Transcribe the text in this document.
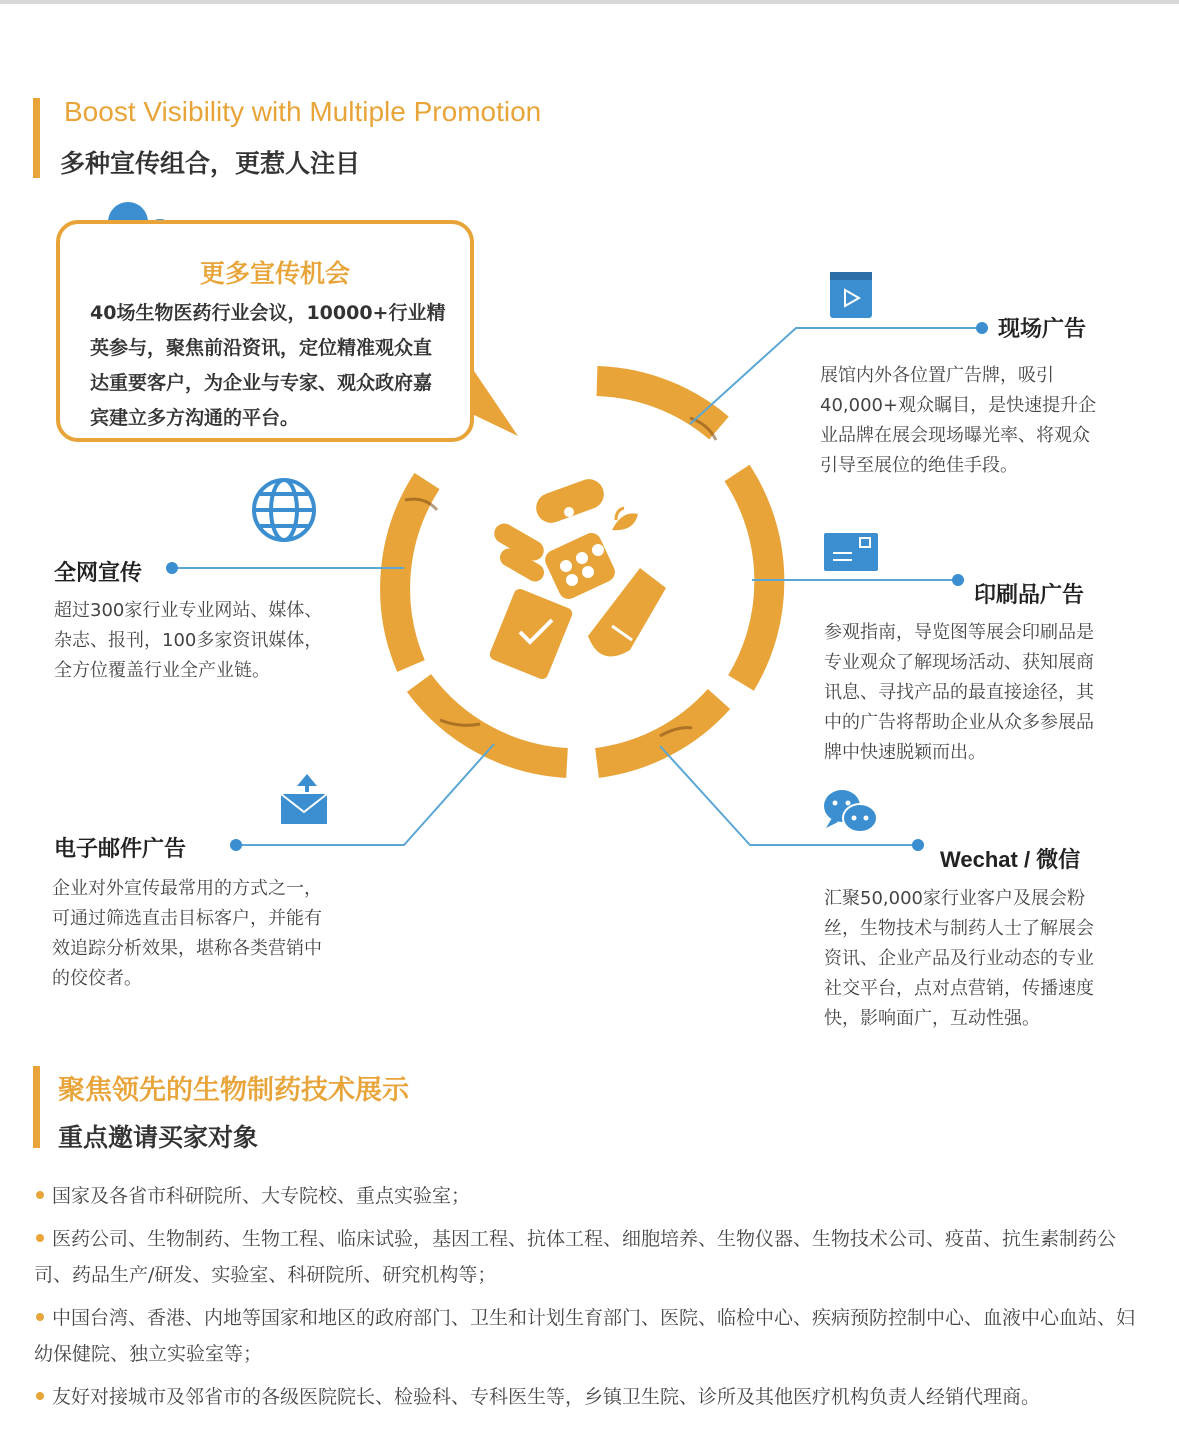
Boost Visibility with Multiple Promotion
多种宣传组合，更惹人注目
更多宣传机会
40场生物医药行业会议，10000+行业精英参与，聚焦前沿资讯，定位精准观众直达重要客户，为企业与专家、观众政府嘉宾建立多方沟通的平台。
现场广告
展馆内外各位置广告牌，吸引40,000+观众瞩目，是快速提升企业品牌在展会现场曝光率、将观众引导至展位的绝佳手段。
全网宣传
超过300家行业专业网站、媒体、杂志、报刊，100多家资讯媒体，全方位覆盖行业全产业链。
印刷品广告
参观指南，导览图等展会印刷品是专业观众了解现场活动、获知展商讯息、寻找产品的最直接途径，其中的广告将帮助企业从众多参展品牌中快速脱颖而出。
电子邮件广告
企业对外宣传最常用的方式之一，可通过筛选直击目标客户，并能有效追踪分析效果，堪称各类营销中的佼佼者。
Wechat / 微信
汇聚50,000家行业客户及展会粉丝，生物技术与制药人士了解展会资讯、企业产品及行业动态的专业社交平台，点对点营销，传播速度快，影响面广，互动性强。
聚焦领先的生物制药技术展示
重点邀请买家对象
国家及各省市科研院所、大专院校、重点实验室；
医药公司、生物制药、生物工程、临床试验，基因工程、抗体工程、细胞培养、生物仪器、生物技术公司、疫苗、抗生素制药公司、药品生产/研发、实验室、科研院所、研究机构等；
中国台湾、香港、内地等国家和地区的政府部门、卫生和计划生育部门、医院、临检中心、疾病预防控制中心、血液中心血站、妇幼保健院、独立实验室等；
友好对接城市及邻省市的各级医院院长、检验科、专科医生等，乡镇卫生院、诊所及其他医疗机构负责人经销代理商。
